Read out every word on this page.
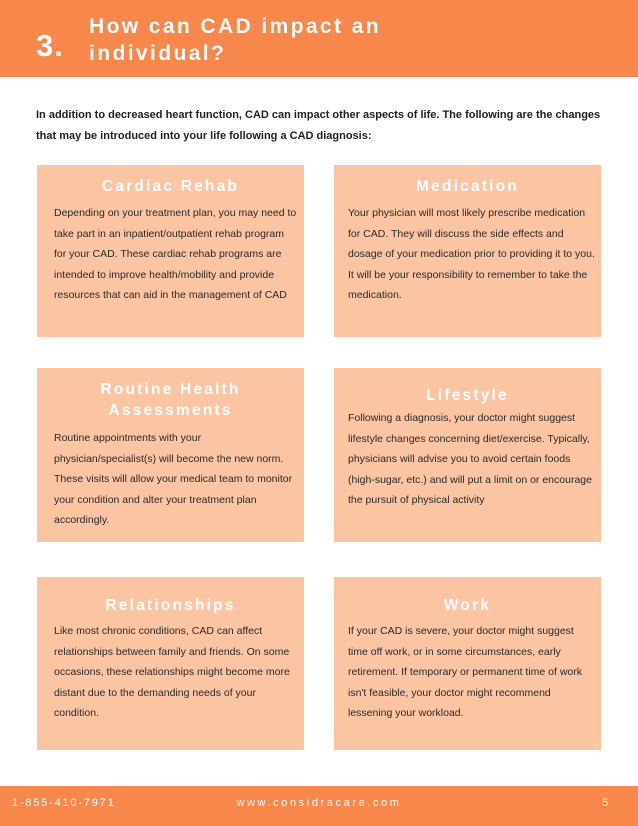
3.
How can CAD impact an individual?

In addition to decreased heart function, CAD can impact other aspects of life. The following are the changes that may be introduced into your life following a CAD diagnosis:

Cardiac Rehab
Depending on your treatment plan, you may need to take part in an inpatient/outpatient rehab program for your CAD. These cardiac rehab programs are intended to improve health/mobility and provide resources that can aid in the management of CAD
Medication
Your physician will most likely prescribe medication for CAD. They will discuss the side effects and dosage of your medication prior to providing it to you. It will be your responsibility to remember to take the medication.
Routine Health Assessments
Routine appointments with your physician/specialist(s) will become the new norm. These visits will allow your medical team to monitor your condition and alter your treatment plan accordingly.
Lifestyle
Following a diagnosis, your doctor might suggest lifestyle changes concerning diet/exercise. Typically, physicians will advise you to avoid certain foods (high-sugar, etc.) and will put a limit on or encourage the pursuit of physical activity
Relationships
Like most chronic conditions, CAD can affect relationships between family and friends. On some occasions, these relationships might become more distant due to the demanding needs of your condition.
Work
If your CAD is severe, your doctor might suggest time off work, or in some circumstances, early retirement. If temporary or permanent time of work isn't feasible, your doctor might recommend lessening your workload.
1-855-410-7971	www.considracare.com	5
